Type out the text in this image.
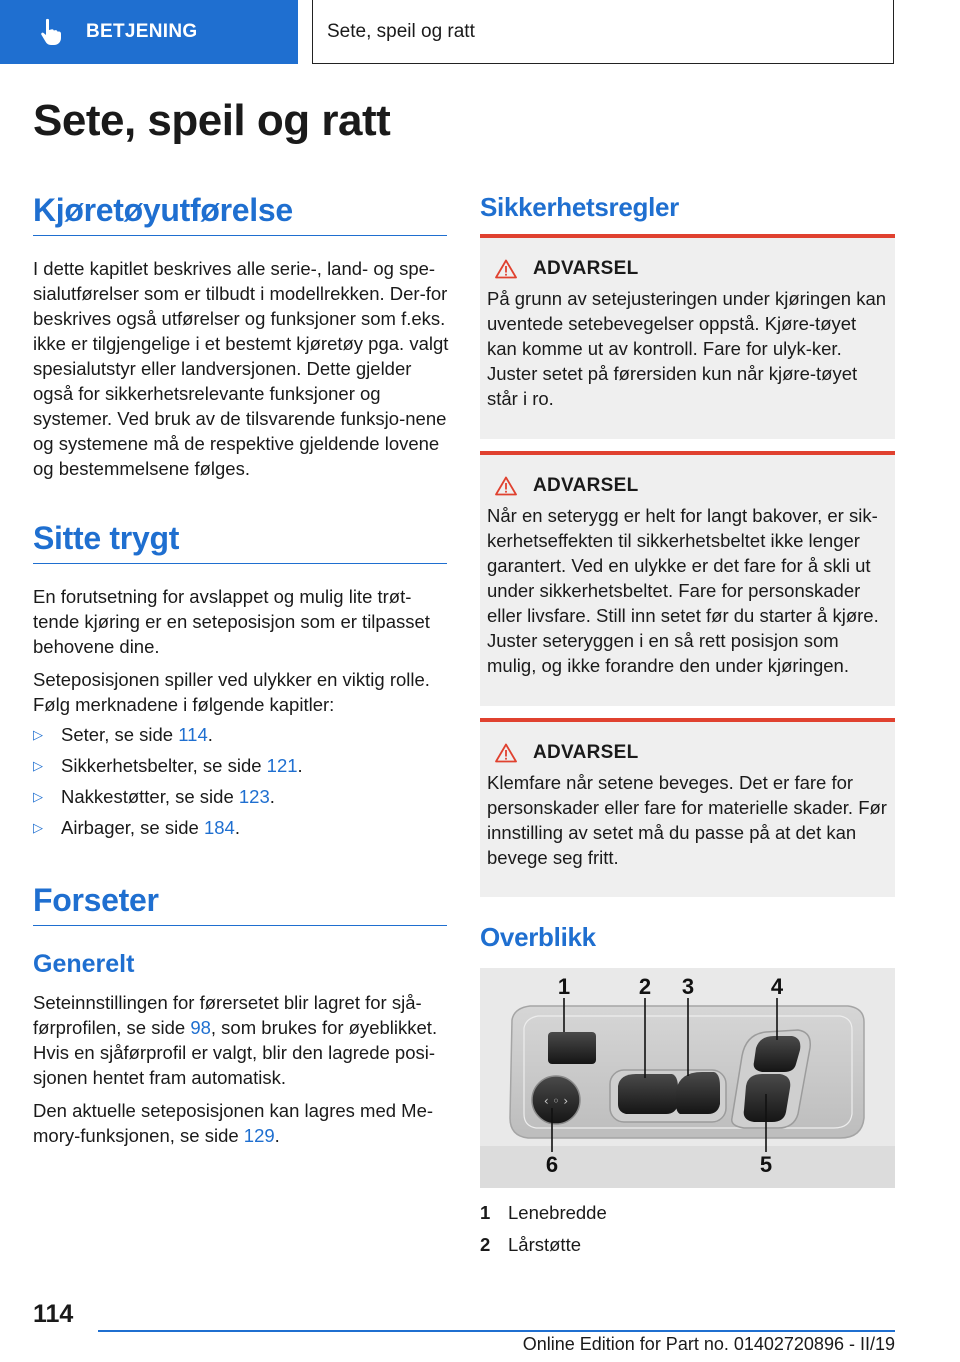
BETJENING	Sete, speil og ratt
Sete, speil og ratt
Kjøretøyutførelse

I dette kapitlet beskrives alle serie-, land- og spe-sialutførelser som er tilbudt i modellrekken. Der-for beskrives også utførelser og funksjoner som f.eks. ikke er tilgjengelige i et bestemt kjøretøy pga. valgt spesialutstyr eller landversjonen. Dette gjelder også for sikkerhetsrelevante funksjoner og systemer. Ved bruk av de tilsvarende funksjo-nene og systemene må de respektive gjeldende lovene og bestemmelsene følges.

Sitte trygt

En forutsetning for avslappet og mulig lite trøt-tende kjøring er en seteposisjon som er tilpasset behovene dine.

Seteposisjonen spiller ved ulykker en viktig rolle. Følg merknadene i følgende kapitler:

▷ Seter, se side 114.
▷ Sikkerhetsbelter, se side 121.
▷ Nakkestøtter, se side 123.
▷ Airbager, se side 184.
Forseter
Generelt

Seteinnstillingen for førersetet blir lagret for sjå-førprofilen, se side 98, som brukes for øyeblikket. Hvis en sjåførprofil er valgt, blir den lagrede posi-sjonen hentet fram automatisk.

Den aktuelle seteposisjonen kan lagres med Me-mory-funksjonen, se side 129.

Sikkerhetsregler
ADVARSEL
På grunn av setejusteringen under kjøringen kan uventede setebevegelser oppstå. Kjøre-tøyet kan komme ut av kontroll. Fare for ulyk-ker. Juster setet på førersiden kun når kjøre-tøyet står i ro.
ADVARSEL
Når en seterygg er helt for langt bakover, er sik-kerhetseffekten til sikkerhetsbeltet ikke lenger garantert. Ved en ulykke er det fare for å skli ut under sikkerhetsbeltet. Fare for personskader eller livsfare. Still inn setet før du starter å kjøre. Juster seteryggen i en så rett posisjon som mulig, og ikke forandre den under kjøringen.
ADVARSEL
Klemfare når setene beveges. Det er fare for personskader eller fare for materielle skader. Før innstilling av setet må du passe på at det kan bevege seg fritt.
Overblikk
‹ ◦ ›
1	2 3	4
5
6
1 Lenebredde
2 Lårstøtte
114
Online Edition for Part no. 01402720896 - II/19
